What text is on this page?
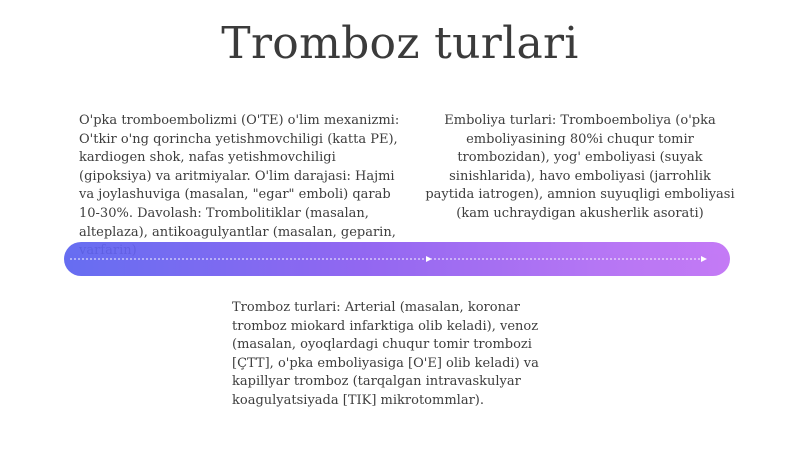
Tromboz turlari
O'pka tromboembolizmi (O'TE) o'lim mexanizmi: O'tkir o'ng qorincha yetishmovchiligi (katta PE), kardiogen shok, nafas yetishmovchiligi (gipoksiya) va aritmiyalar. O'lim darajasi: Hajmi va joylashuviga (masalan, "egar" emboli) qarab 10-30%. Davolash: Trombolitiklar (masalan, alteplaza), antikoagulyantlar (masalan, geparin,
Emboliya turlari: Tromboemboliya (o'pka emboliyasining 80%i chuqur tomir trombozidan), yog' emboliyasi (suyak sinishlarida), havo emboliyasi (jarrohlik paytida iatrogen), amnion suyuqligi emboliyasi (kam uchraydigan akusherlik asorati)
Tromboz turlari: Arterial (masalan, koronar tromboz miokard infarktiga olib keladi), venoz (masalan, oyoqlardagi chuqur tomir trombozi [ÇTT], o'pka emboliyasiga [O'E] olib keladi) va kapillyar tromboz (tarqalgan intravaskulyar koagulyatsiyada [TIK] mikrotommlar).
